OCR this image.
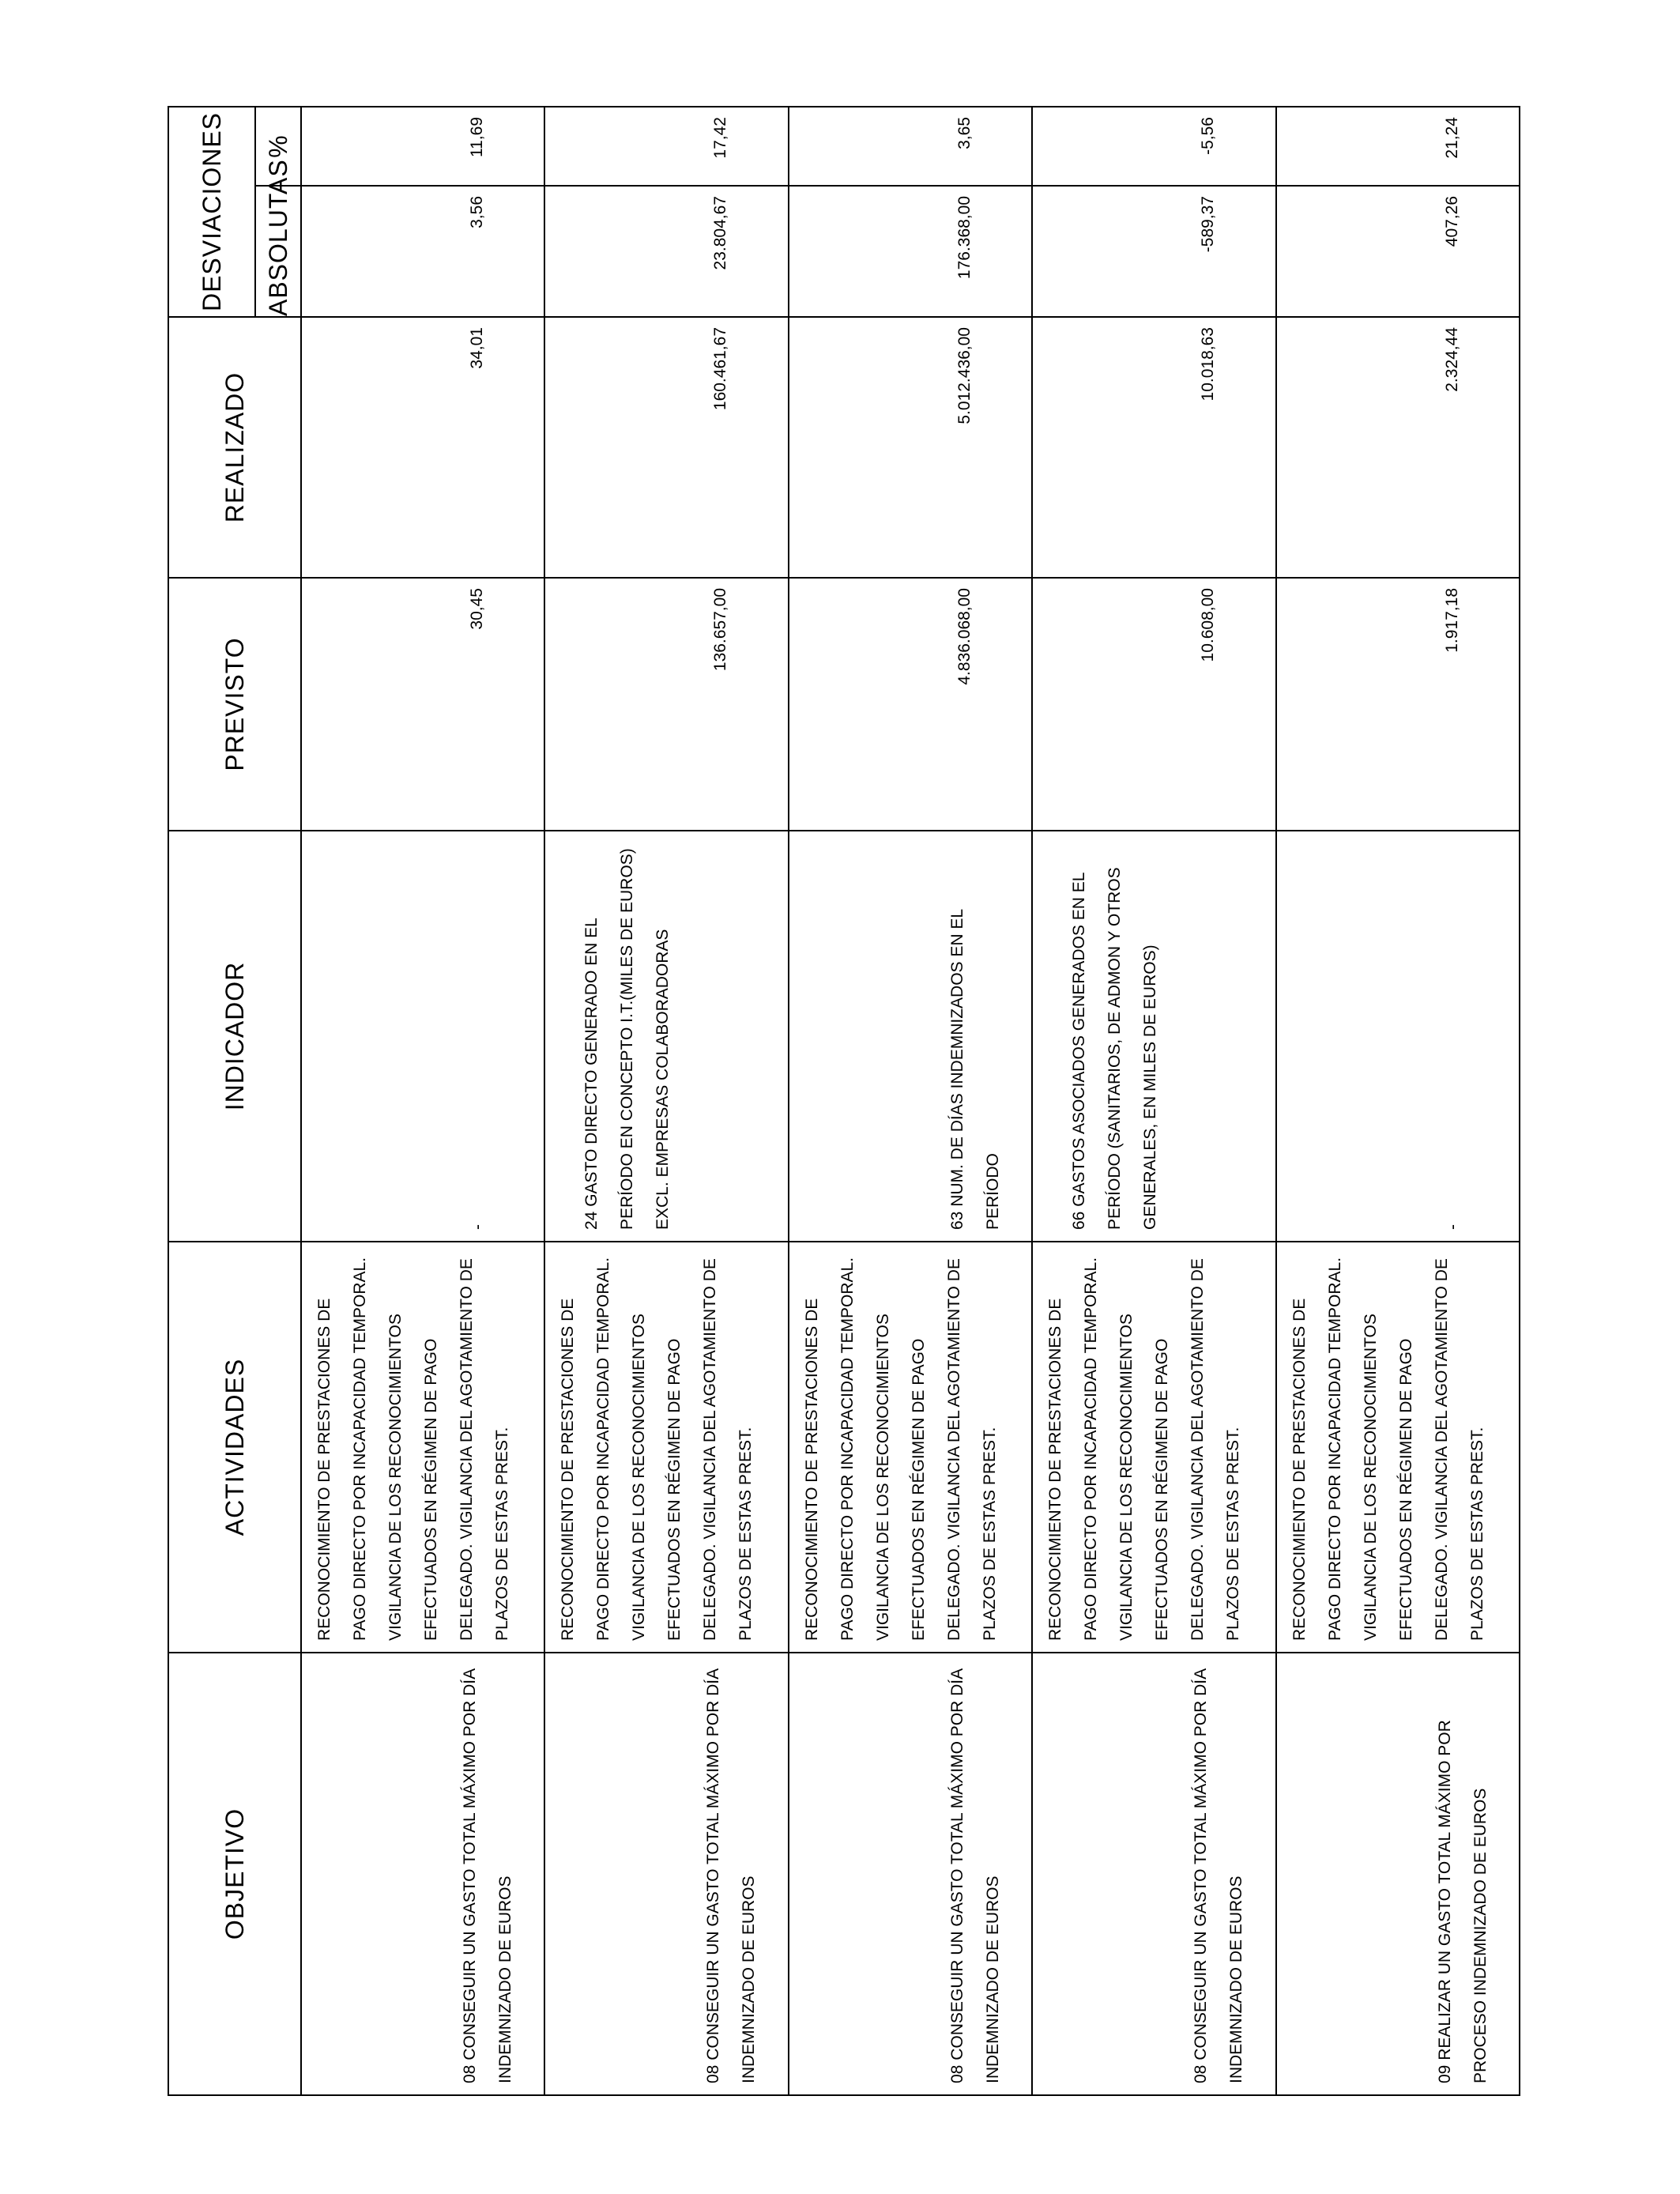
OBJETIVO	ACTIVIDADES	INDICADOR	PREVISTO	REALIZADO	DESVIACIONES	
					ABSOLUTAS	%

08 CONSEGUIR UN GASTO TOTAL MÁXIMO POR DÍA INDEMNIZADO DE EUROS	RECONOCIMIENTO DE PRESTACIONES DE PAGO DIRECTO POR INCAPACIDAD TEMPORAL. VIGILANCIA DE LOS RECONOCIMIENTOS EFECTUADOS EN RÉGIMEN DE PAGO DELEGADO. VIGILANCIA DEL AGOTAMIENTO DE PLAZOS DE ESTAS PREST.	-	30,45	34,01	3,56	11,69

08 CONSEGUIR UN GASTO TOTAL MÁXIMO POR DÍA INDEMNIZADO DE EUROS	RECONOCIMIENTO DE PRESTACIONES DE PAGO DIRECTO POR INCAPACIDAD TEMPORAL. VIGILANCIA DE LOS RECONOCIMIENTOS EFECTUADOS EN RÉGIMEN DE PAGO DELEGADO. VIGILANCIA DEL AGOTAMIENTO DE PLAZOS DE ESTAS PREST.	24 GASTO DIRECTO GENERADO EN EL PERÍODO EN CONCEPTO I.T.(MILES DE EUROS) EXCL. EMPRESAS COLABORADORAS	136.657,00	160.461,67	23.804,67	17,42

08 CONSEGUIR UN GASTO TOTAL MÁXIMO POR DÍA INDEMNIZADO DE EUROS	RECONOCIMIENTO DE PRESTACIONES DE PAGO DIRECTO POR INCAPACIDAD TEMPORAL. VIGILANCIA DE LOS RECONOCIMIENTOS EFECTUADOS EN RÉGIMEN DE PAGO DELEGADO. VIGILANCIA DEL AGOTAMIENTO DE PLAZOS DE ESTAS PREST.	63 NUM. DE DÍAS INDEMNIZADOS EN EL PERÍODO	4.836.068,00	5.012.436,00	176.368,00	3,65

08 CONSEGUIR UN GASTO TOTAL MÁXIMO POR DÍA INDEMNIZADO DE EUROS	RECONOCIMIENTO DE PRESTACIONES DE PAGO DIRECTO POR INCAPACIDAD TEMPORAL. VIGILANCIA DE LOS RECONOCIMIENTOS EFECTUADOS EN RÉGIMEN DE PAGO DELEGADO. VIGILANCIA DEL AGOTAMIENTO DE PLAZOS DE ESTAS PREST.	66 GASTOS ASOCIADOS GENERADOS EN EL PERÍODO (SANITARIOS, DE ADMON Y OTROS GENERALES, EN MILES DE EUROS)	10.608,00	10.018,63	-589,37	-5,56

09 REALIZAR UN GASTO TOTAL MÁXIMO POR PROCESO INDEMNIZADO DE EUROS	RECONOCIMIENTO DE PRESTACIONES DE PAGO DIRECTO POR INCAPACIDAD TEMPORAL. VIGILANCIA DE LOS RECONOCIMIENTOS EFECTUADOS EN RÉGIMEN DE PAGO DELEGADO. VIGILANCIA DEL AGOTAMIENTO DE PLAZOS DE ESTAS PREST.	-	1.917,18	2.324,44	407,26	21,24
